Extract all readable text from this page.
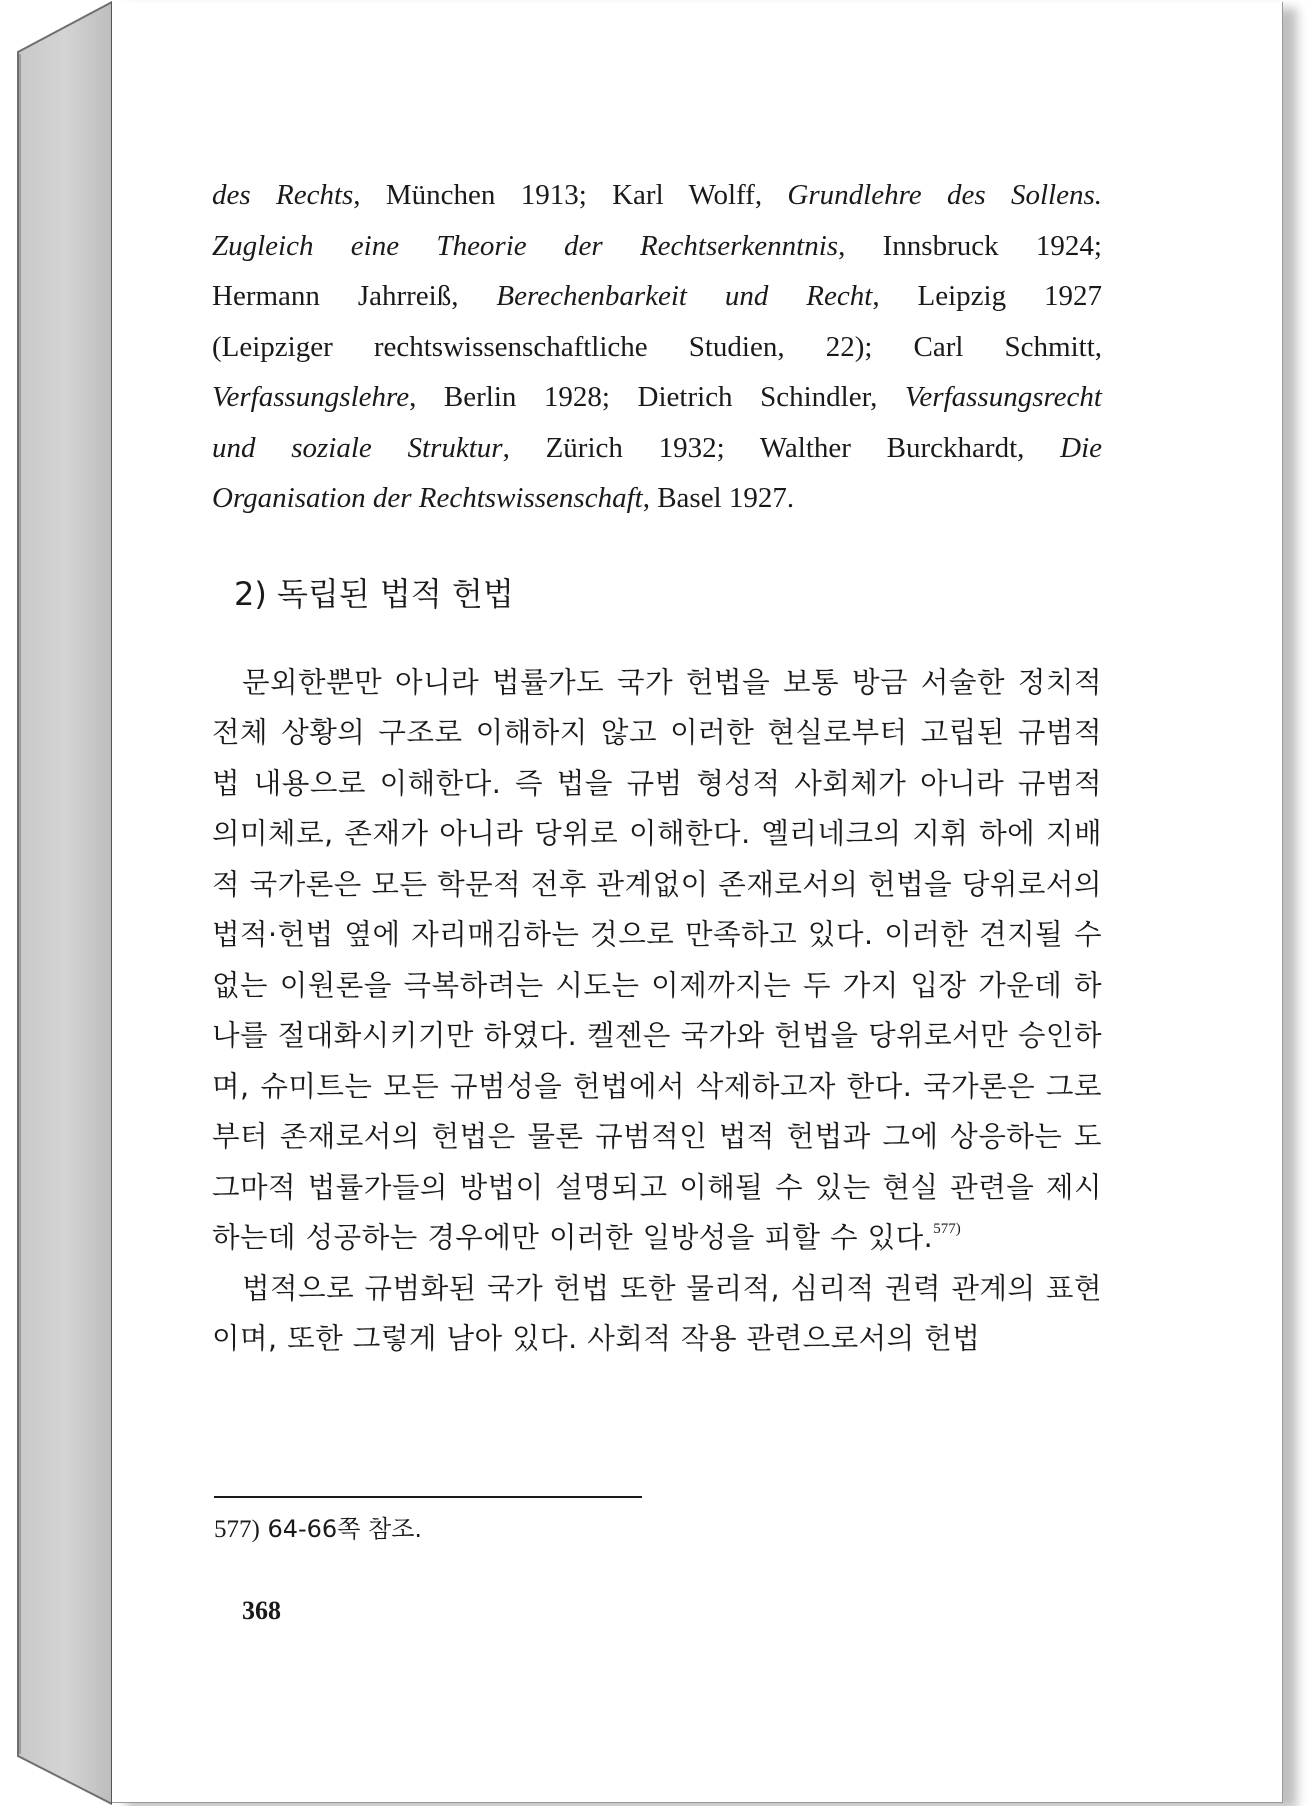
des Rechts, München 1913; Karl Wolff, Grundlehre des Sollens.
Zugleich eine Theorie der Rechtserkenntnis, Innsbruck 1924;
Hermann Jahrreiß, Berechenbarkeit und Recht, Leipzig 1927
(Leipziger rechtswissenschaftliche Studien, 22); Carl Schmitt,
Verfassungslehre, Berlin 1928; Dietrich Schindler, Verfassungsrecht
und soziale Struktur, Zürich 1932; Walther Burckhardt, Die
Organisation der Rechtswissenschaft, Basel 1927.
2) 독립된 법적 헌법

문외한뿐만 아니라 법률가도 국가 헌법을 보통 방금 서술한 정치적 전체 상황의 구조로 이해하지 않고 이러한 현실로부터 고립된 규범적 법 내용으로 이해한다. 즉 법을 규범 형성적 사회체가 아니라 규범적 의미체로, 존재가 아니라 당위로 이해한다. 옐리네크의 지휘 하에 지배적 국가론은 모든 학문적 전후 관계없이 존재로서의 헌법을 당위로서의 법적·헌법 옆에 자리매김하는 것으로 만족하고 있다. 이러한 견지될 수 없는 이원론을 극복하려는 시도는 이제까지는 두 가지 입장 가운데 하나를 절대화시키기만 하였다. 켈젠은 국가와 헌법을 당위로서만 승인하며, 슈미트는 모든 규범성을 헌법에서 삭제하고자 한다. 국가론은 그로부터 존재로서의 헌법은 물론 규범적인 법적 헌법과 그에 상응하는 도그마적 법률가들의 방법이 설명되고 이해될 수 있는 현실 관련을 제시하는데 성공하는 경우에만 이러한 일방성을 피할 수 있다.$^{577)}$

법적으로 규범화된 국가 헌법 또한 물리적, 심리적 권력 관계의 표현이며, 또한 그렇게 남아 있다. 사회적 작용 관련으로서의 헌법

577) 64-66쪽 참조.
368
